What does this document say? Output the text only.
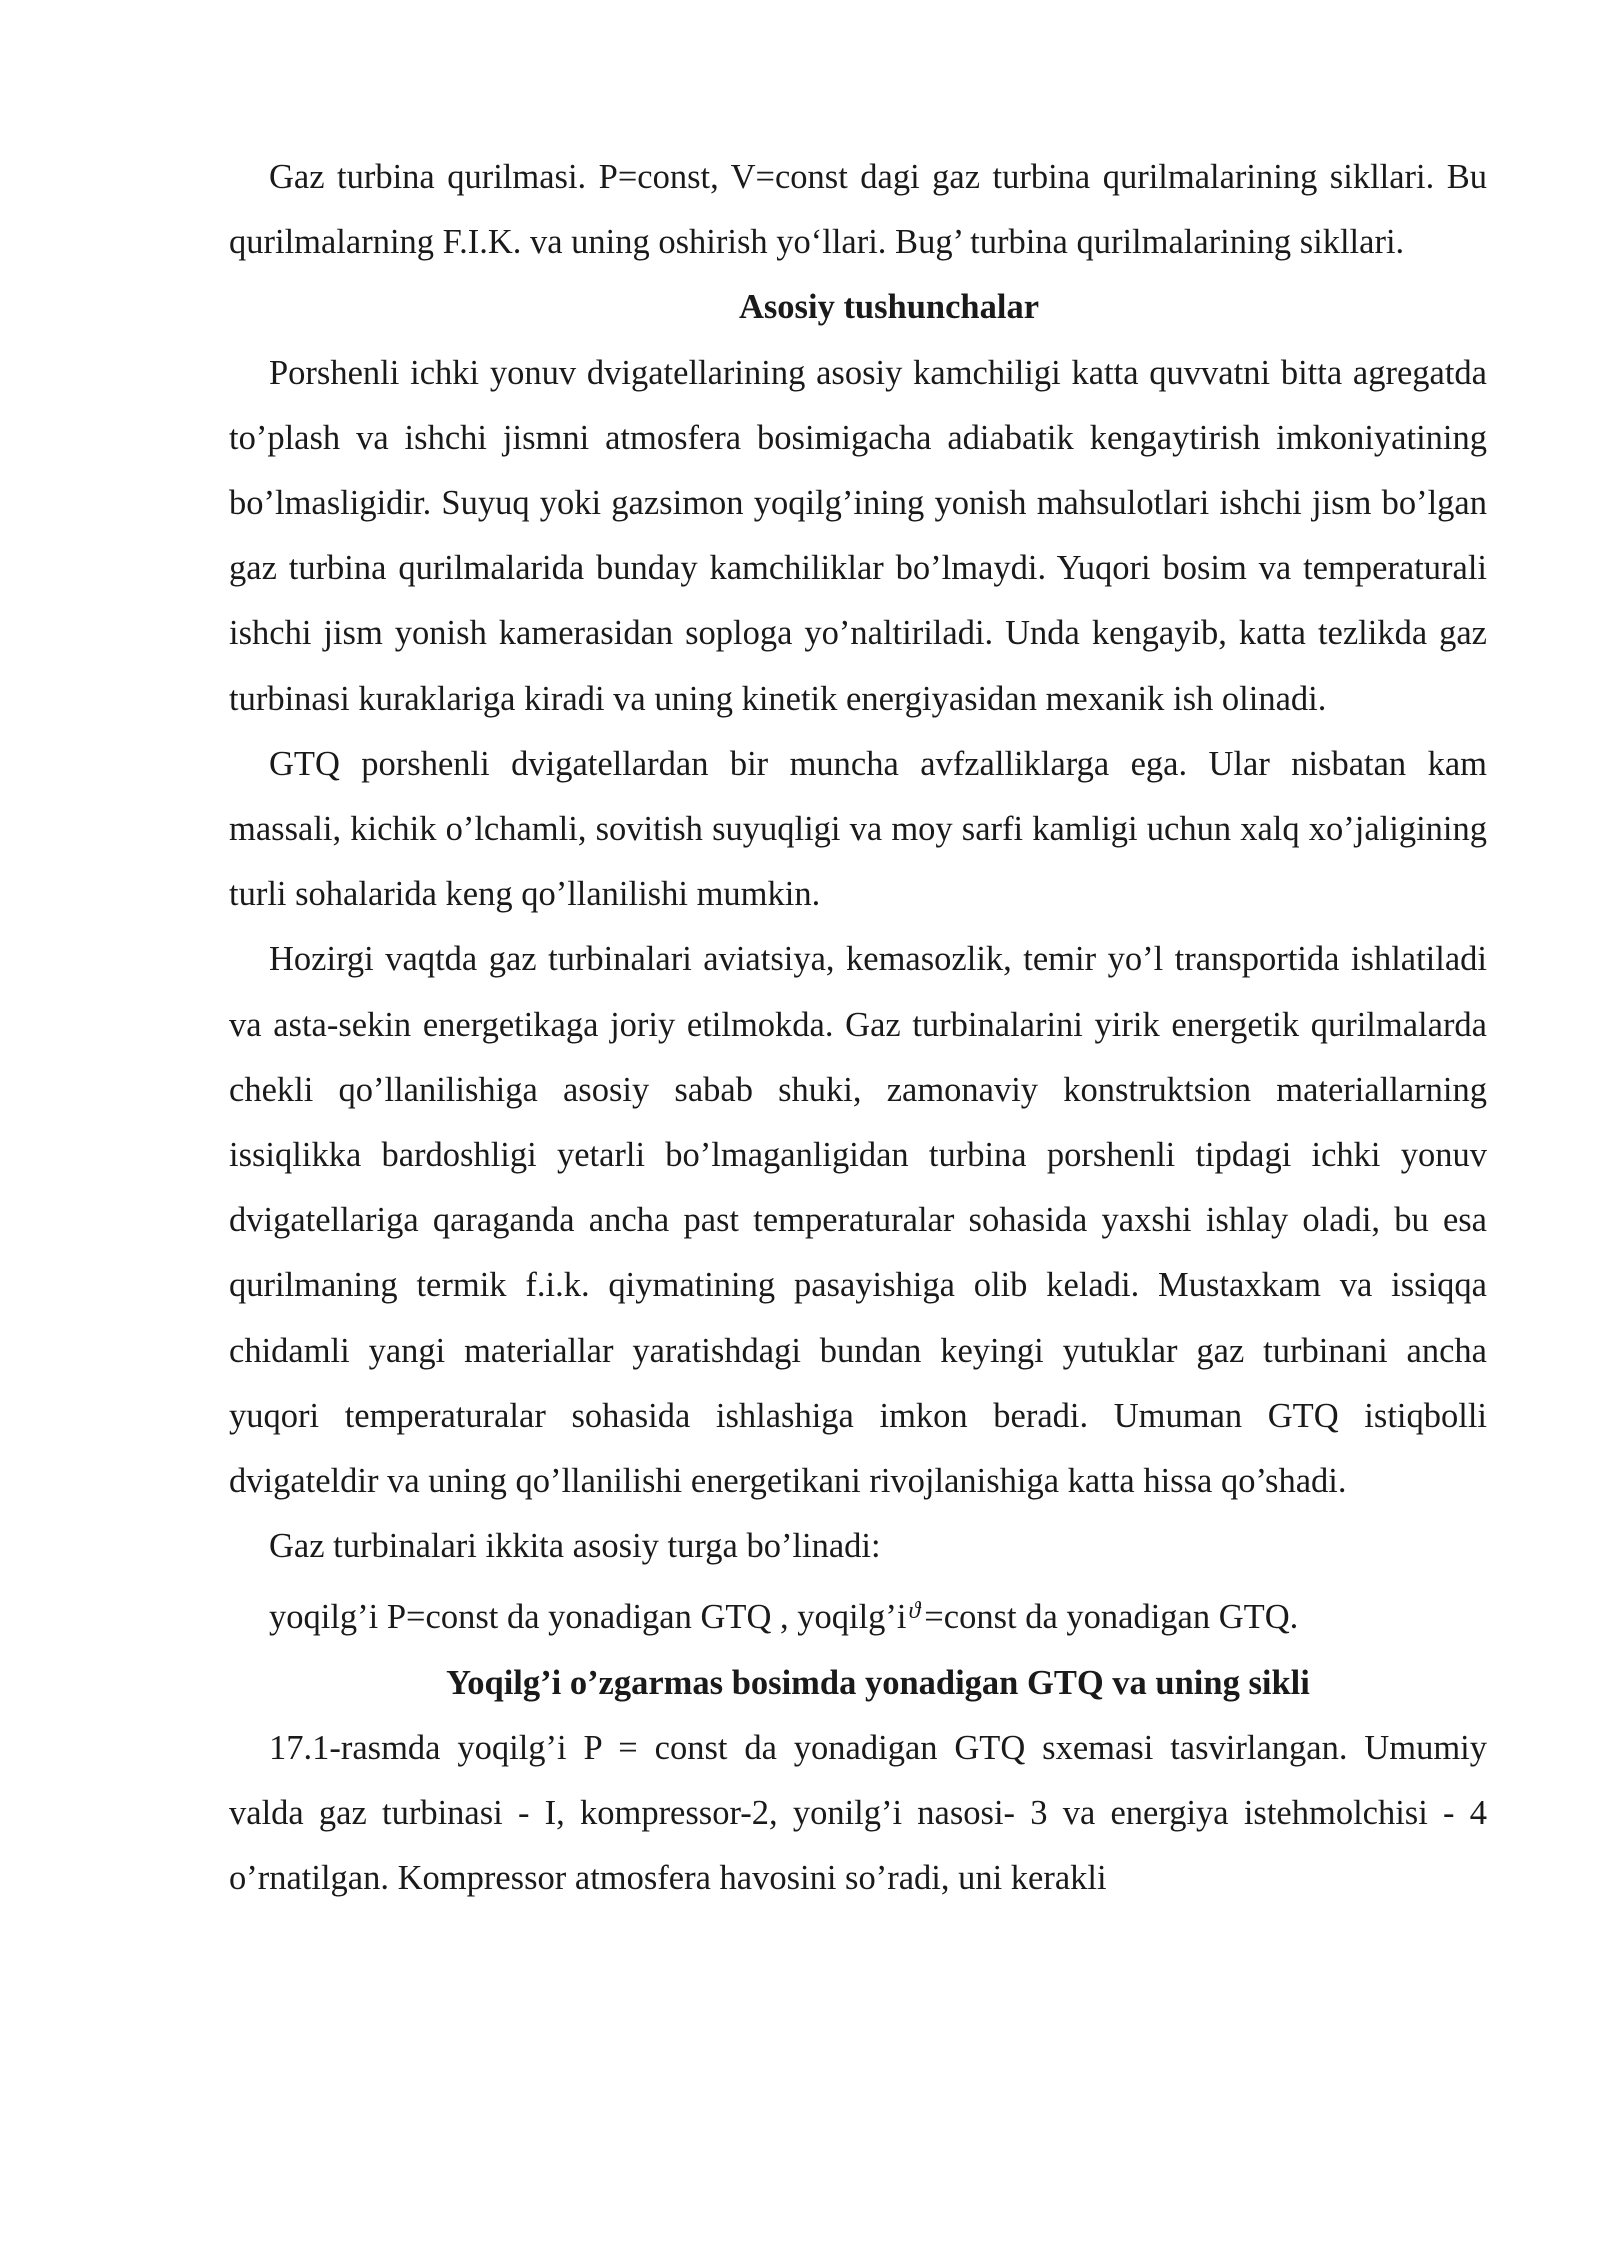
Gaz turbina qurilmasi. P=const, V=const dagi gaz turbina qurilmalarining sikllari. Bu qurilmalarning F.I.K. va uning oshirish yo‘llari. Bug’ turbina qurilmalarining sikllari.

Asosiy tushunchalar

Porshenli ichki yonuv dvigatellarining asosiy kamchiligi katta quvvatni bitta agregatda to’plash va ishchi jismni atmosfera bosimigacha adiabatik kengaytirish imkoniyatining bo’lmasligidir. Suyuq yoki gazsimon yoqilg’ining yonish mahsulotlari ishchi jism bo’lgan gaz turbina qurilmalarida bunday kamchiliklar bo’lmaydi. Yuqori bosim va temperaturali ishchi jism yonish kamerasidan soploga yo’naltiriladi. Unda kengayib, katta tezlikda gaz turbinasi kuraklariga kiradi va uning kinetik energiyasidan mexanik ish olinadi.

GTQ porshenli dvigatellardan bir muncha avfzalliklarga ega. Ular nisbatan kam massali, kichik o’lchamli, sovitish suyuqligi va moy sarfi kamligi uchun xalq xo’jaligining turli sohalarida keng qo’llanilishi mumkin.

Hozirgi vaqtda gaz turbinalari aviatsiya, kemasozlik, temir yo’l transportida ishlatiladi va asta-sekin energetikaga joriy etilmokda. Gaz turbinalarini yirik energetik qurilmalarda chekli qo’llanilishiga asosiy sabab shuki, zamonaviy konstruktsion materiallarning issiqlikka bardoshligi yetarli bo’lmaganligidan turbina porshenli tipdagi ichki yonuv dvigatellariga qaraganda ancha past temperaturalar sohasida yaxshi ishlay oladi, bu esa qurilmaning termik f.i.k. qiymatining pasayishiga olib keladi. Mustaxkam va issiqqa chidamli yangi materiallar yaratishdagi bundan keyingi yutuklar gaz turbinani ancha yuqori temperaturalar sohasida ishlashiga imkon beradi. Umuman GTQ istiqbolli dvigateldir va uning qo’llanilishi energetikani rivojlanishiga katta hissa qo’shadi.

Gaz turbinalari ikkita asosiy turga bo’linadi:

yoqilg’i P=const da yonadigan GTQ , $yoqilg’i^ϑ$ =const da yonadigan GTQ.

Yoqilg’i o’zgarmas bosimda yonadigan GTQ va uning sikli

17.1-rasmda yoqilg’i P = const da yonadigan GTQ sxemasi tasvirlangan. Umumiy valda gaz turbinasi - I, kompressor-2, yonilg’i nasosi- 3 va energiya istehmolchisi - 4 o’rnatilgan. Kompressor atmosfera havosini so’radi, uni kerakli
